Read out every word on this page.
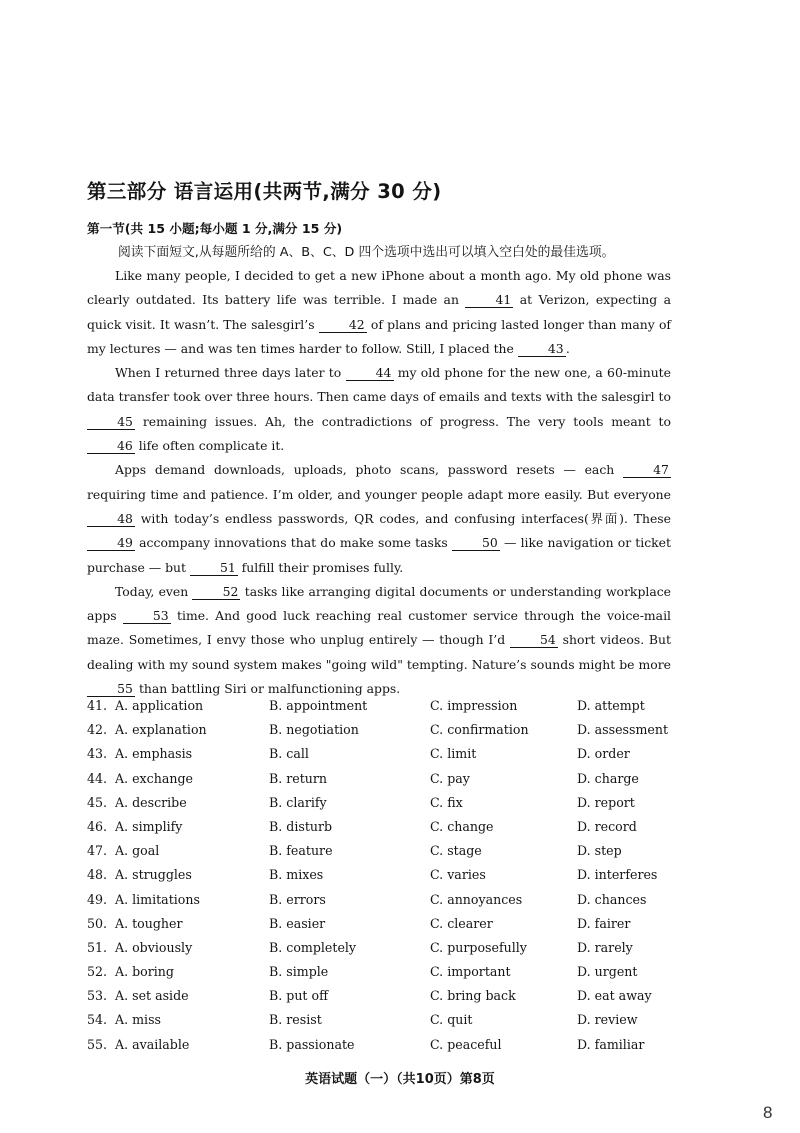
第三部分 语言运用(共两节,满分 30 分)
第一节(共 15 小题;每小题 1 分,满分 15 分)
阅读下面短文,从每题所给的 A、B、C、D 四个选项中选出可以填入空白处的最佳选项。

Like many people, I decided to get a new iPhone about a month ago. My old phone was clearly outdated. Its battery life was terrible. I made an 41 at Verizon, expecting a quick visit. It wasn’t. The salesgirl’s 42 of plans and pricing lasted longer than many of my lectures — and was ten times harder to follow. Still, I placed the 43 .

When I returned three days later to 44 my old phone for the new one, a 60-minute data transfer took over three hours. Then came days of emails and texts with the salesgirl to 45 remaining issues. Ah, the contradictions of progress. The very tools meant to 46 life often complicate it.

Apps demand downloads, uploads, photo scans, password resets — each 47 requiring time and patience. I’m older, and younger people adapt more easily. But everyone 48 with today’s endless passwords, QR codes, and confusing interfaces(界面). These 49 accompany innovations that do make some tasks 50 — like navigation or ticket purchase — but 51 fulfill their promises fully.

Today, even 52 tasks like arranging digital documents or understanding workplace apps 53 time. And good luck reaching real customer service through the voice-mail maze. Sometimes, I envy those who unplug entirely — though I’d 54 short videos. But dealing with my sound system makes "going wild" tempting. Nature’s sounds might be more 55 than battling Siri or malfunctioning apps.

41. A. application	B. appointment	C. impression	D. attempt
42. A. explanation	B. negotiation	C. confirmation	D. assessment
43. A. emphasis	B. call	C. limit	D. order
44. A. exchange	B. return	C. pay	D. charge
45. A. describe	B. clarify	C. fix	D. report
46. A. simplify	B. disturb	C. change	D. record
47. A. goal	B. feature	C. stage	D. step
48. A. struggles	B. mixes	C. varies	D. interferes
49. A. limitations	B. errors	C. annoyances	D. chances
50. A. tougher	B. easier	C. clearer	D. fairer
51. A. obviously	B. completely	C. purposefully	D. rarely
52. A. boring	B. simple	C. important	D. urgent
53. A. set aside	B. put off	C. bring back	D. eat away
54. A. miss	B. resist	C. quit	D. review
55. A. available	B. passionate	C. peaceful	D. familiar
英语试题（一）（共10页）第8页
8
